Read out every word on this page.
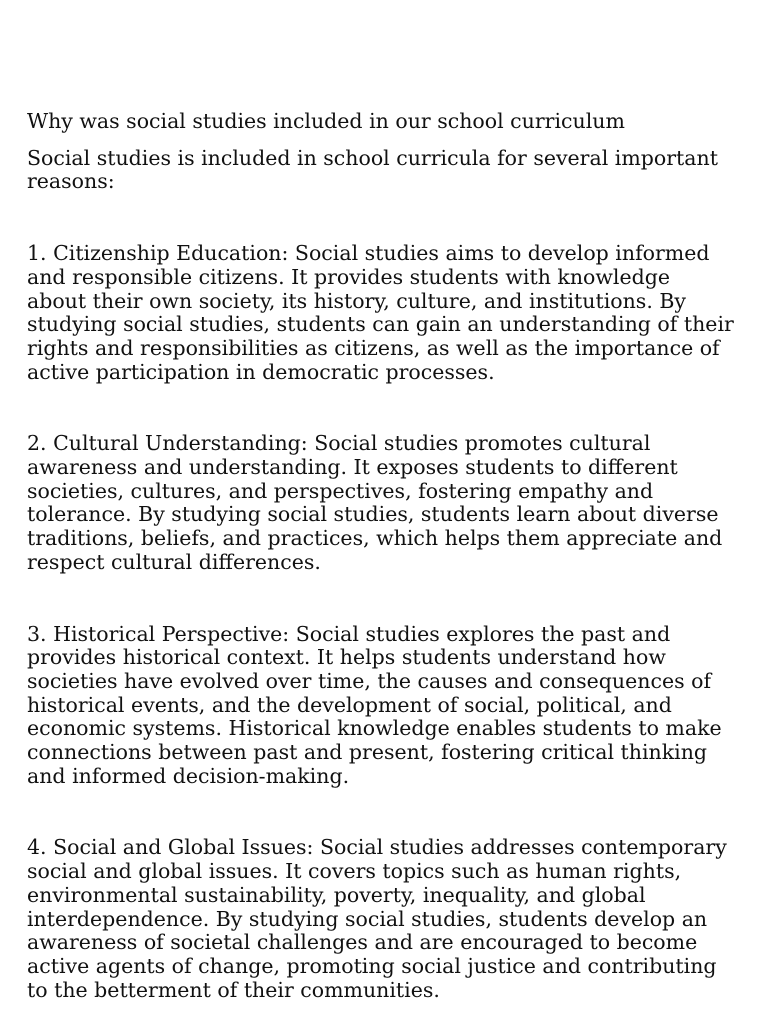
Why was social studies included in our school curriculum

Social studies is included in school curricula for several important
reasons:

1. Citizenship Education: Social studies aims to develop informed
and responsible citizens. It provides students with knowledge
about their own society, its history, culture, and institutions. By
studying social studies, students can gain an understanding of their
rights and responsibilities as citizens, as well as the importance of
active participation in democratic processes.

2. Cultural Understanding: Social studies promotes cultural
awareness and understanding. It exposes students to different
societies, cultures, and perspectives, fostering empathy and
tolerance. By studying social studies, students learn about diverse
traditions, beliefs, and practices, which helps them appreciate and
respect cultural differences.

3. Historical Perspective: Social studies explores the past and
provides historical context. It helps students understand how
societies have evolved over time, the causes and consequences of
historical events, and the development of social, political, and
economic systems. Historical knowledge enables students to make
connections between past and present, fostering critical thinking
and informed decision-making.

4. Social and Global Issues: Social studies addresses contemporary
social and global issues. It covers topics such as human rights,
environmental sustainability, poverty, inequality, and global
interdependence. By studying social studies, students develop an
awareness of societal challenges and are encouraged to become
active agents of change, promoting social justice and contributing
to the betterment of their communities.
